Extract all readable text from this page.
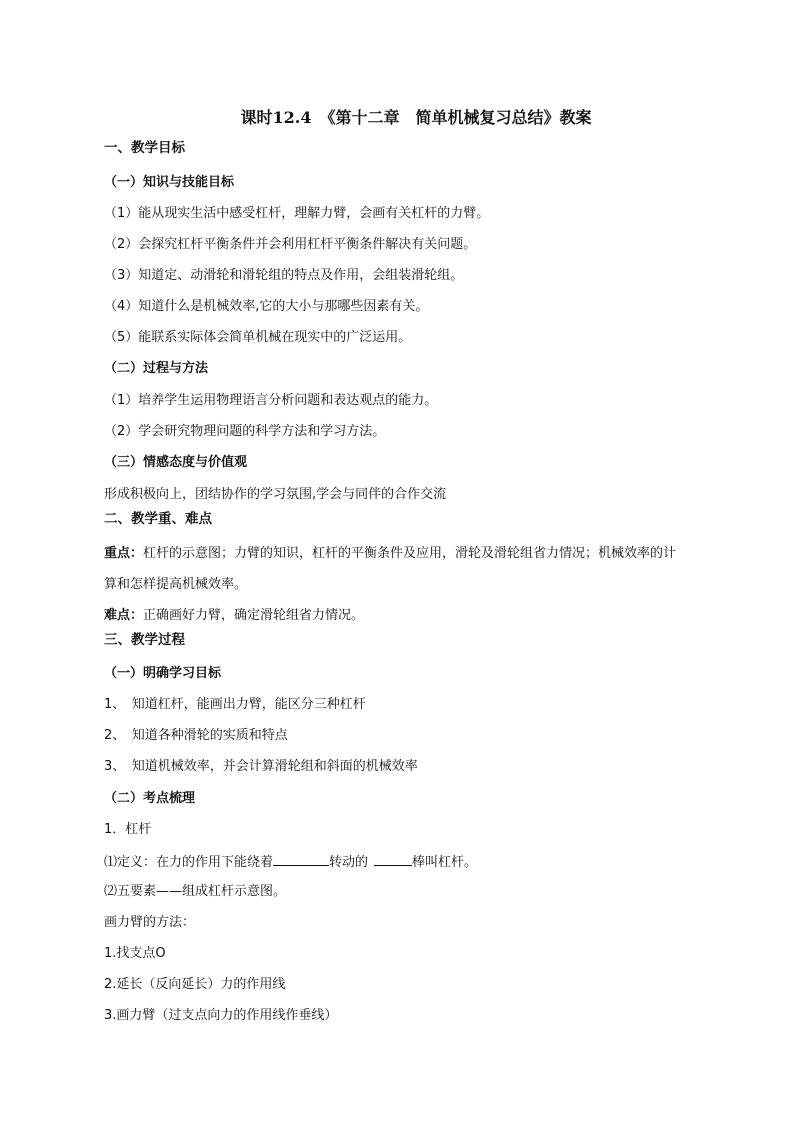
课时12.4　《第十二章　简单机械复习总结》教案
一、教学目标
（一）知识与技能目标
（1）能从现实生活中感受杠杆，理解力臂，会画有关杠杆的力臂。
（2）会探究杠杆平衡条件并会利用杠杆平衡条件解决有关问题。
（3）知道定、动滑轮和滑轮组的特点及作用，会组装滑轮组。
（4）知道什么是机械效率,它的大小与那哪些因素有关。
（5）能联系实际体会简单机械在现实中的广泛运用。
（二）过程与方法
（1）培养学生运用物理语言分析问题和表达观点的能力。
（2）学会研究物理问题的科学方法和学习方法。
（三）情感态度与价值观
形成积极向上，团结协作的学习氛围,学会与同伴的合作交流
二、教学重、难点
重点：杠杆的示意图；力臂的知识，杠杆的平衡条件及应用，滑轮及滑轮组省力情况；机械效率的计
算和怎样提高机械效率。
难点：正确画好力臂，确定滑轮组省力情况。
三、教学过程
（一）明确学习目标
1、　知道杠杆，能画出力臂，能区分三种杠杆
2、　知道各种滑轮的实质和特点
3、　知道机械效率，并会计算滑轮组和斜面的机械效率
（二）考点梳理
1．杠杆
⑴定义：在力的作用下能绕着	转动的	棒叫杠杆。
⑵五要素——组成杠杆示意图。
画力臂的方法：
1.找支点O
2.延长（反向延长）力的作用线
3.画力臂（过支点向力的作用线作垂线）
